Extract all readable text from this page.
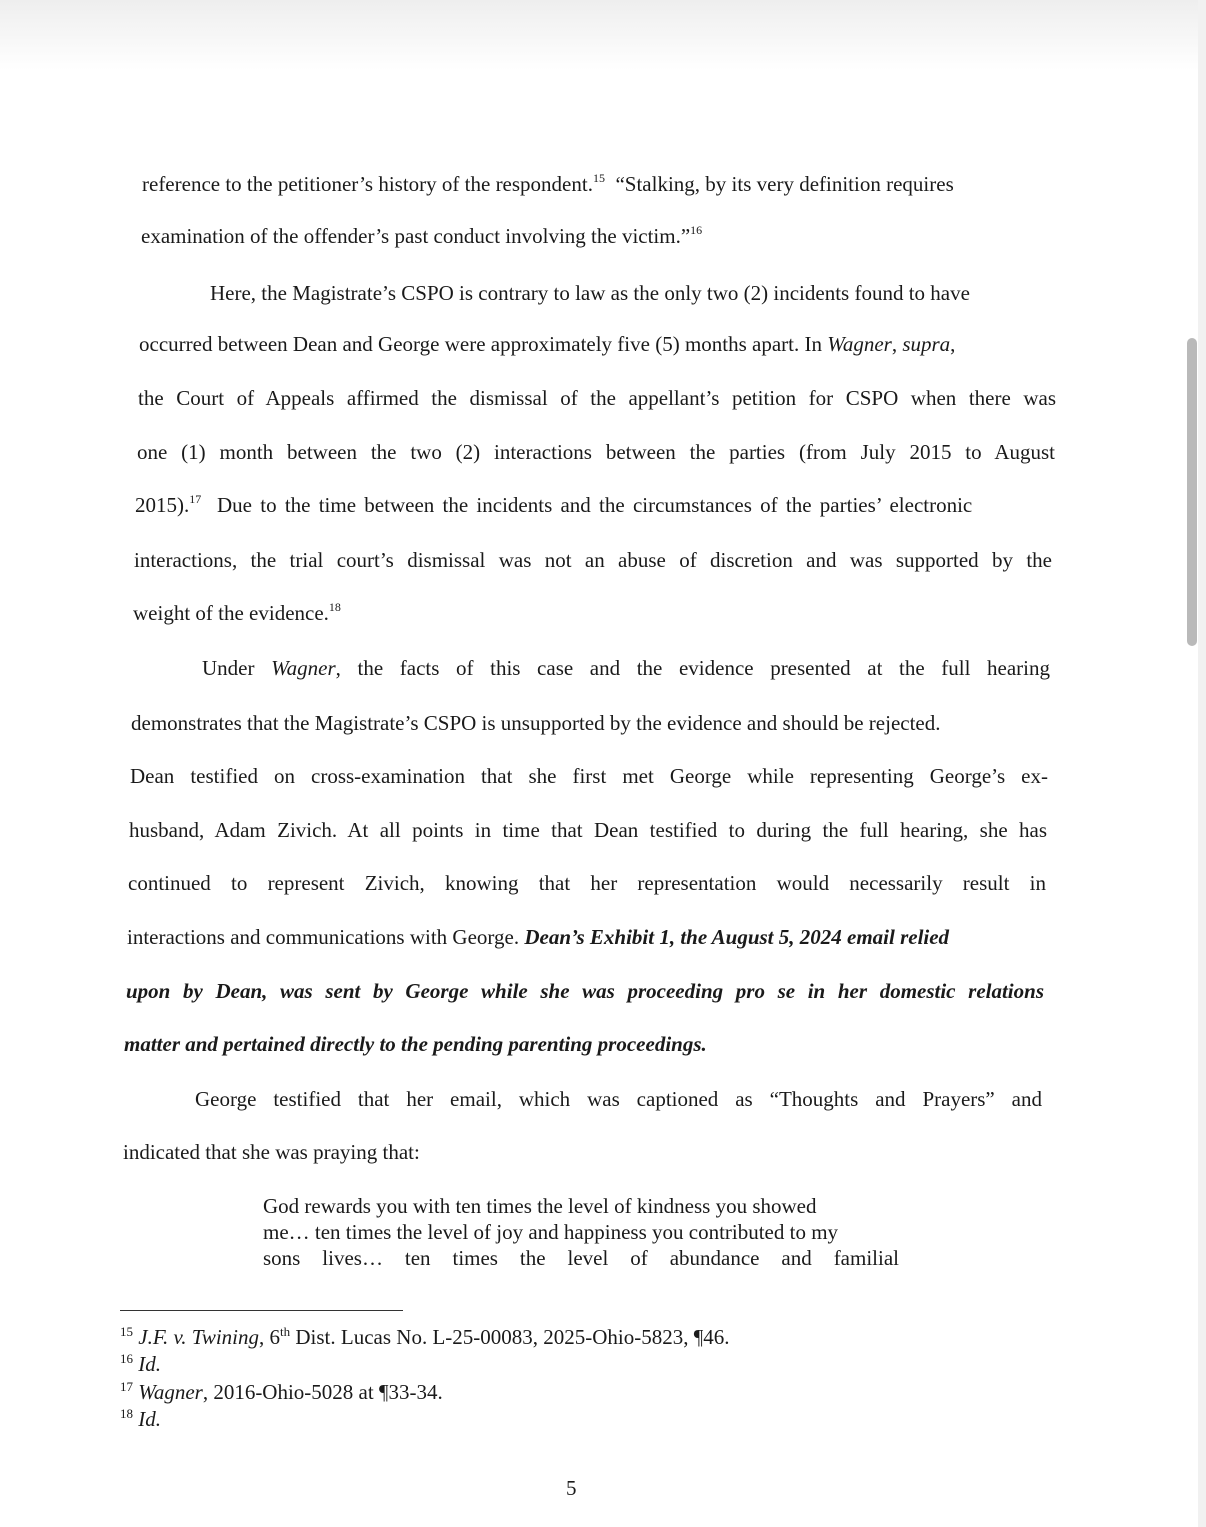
reference to the petitioner’s history of the respondent.$^{15}$ “Stalking, by its very definition requires
examination of the offender’s past conduct involving the victim.”$^{16}$
Here, the Magistrate’s CSPO is contrary to law as the only two (2) incidents found to have
occurred between Dean and George were approximately five (5) months apart. In Wagner, supra,
the Court of Appeals affirmed the dismissal of the appellant’s petition for CSPO when there was
one (1) month between the two (2) interactions between the parties (from July 2015 to August
2015).$^{17}$ Due to the time between the incidents and the circumstances of the parties’ electronic
interactions, the trial court’s dismissal was not an abuse of discretion and was supported by the
weight of the evidence.$^{18}$
Under Wagner, the facts of this case and the evidence presented at the full hearing
demonstrates that the Magistrate’s CSPO is unsupported by the evidence and should be rejected.
Dean testified on cross-examination that she first met George while representing George’s ex-
husband, Adam Zivich. At all points in time that Dean testified to during the full hearing, she has
continued to represent Zivich, knowing that her representation would necessarily result in
interactions and communications with George. Dean’s Exhibit 1, the August 5, 2024 email relied
upon by Dean, was sent by George while she was proceeding pro se in her domestic relations
matter and pertained directly to the pending parenting proceedings.
George testified that her email, which was captioned as “Thoughts and Prayers” and
indicated that she was praying that:
God rewards you with ten times the level of kindness you showed
me… ten times the level of joy and happiness you contributed to my
sons lives… ten times the level of abundance and familial
$^{15}$ J.F. v. Twining, 6th Dist. Lucas No. L-25-00083, 2025-Ohio-5823, ¶46.
$^{16}$ Id.
$^{17}$ Wagner, 2016-Ohio-5028 at ¶33-34.
$^{18}$ Id.
5
